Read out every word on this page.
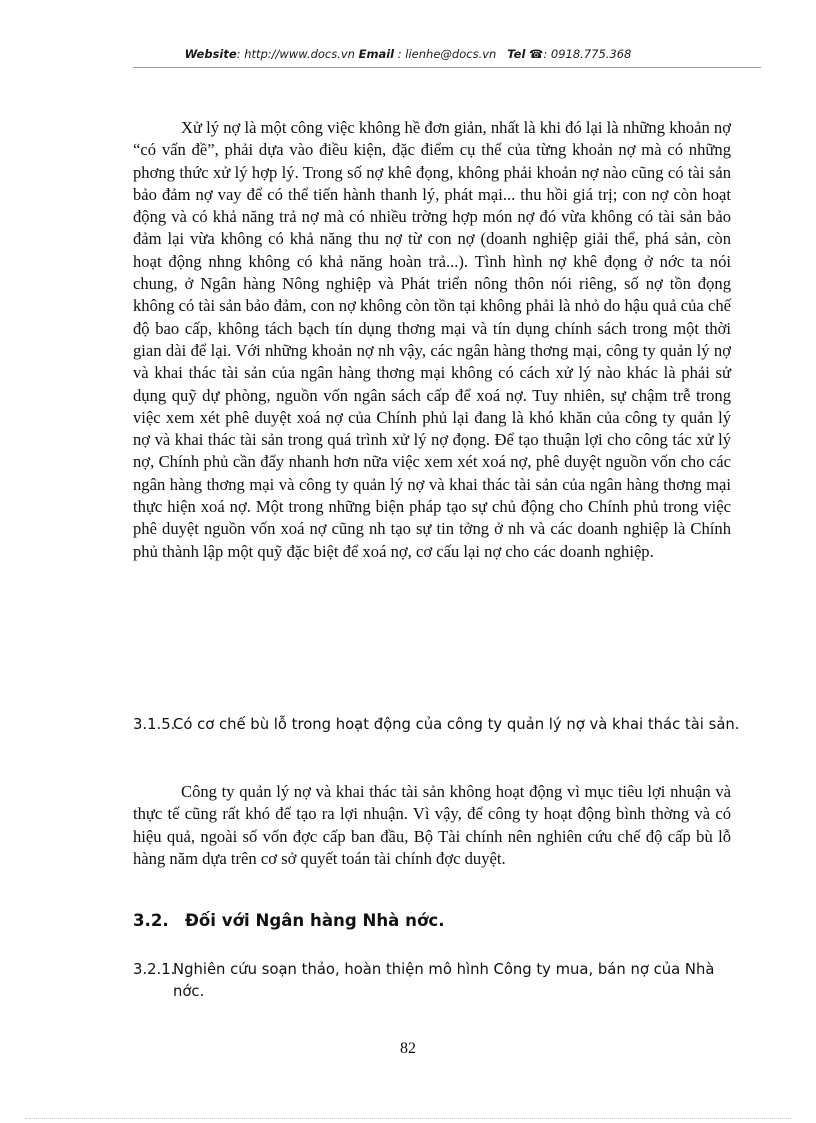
Website: http://www.docs.vn Email : lienhe@docs.vn Tel ☎: 0918.775.368

Xử lý nợ là một công việc không hề đơn giản, nhất là khi đó lại là những khoản nợ “có vấn đề”, phải dựa vào điều kiện, đặc điểm cụ thể của từng khoản nợ mà có những phơng thức xử lý hợp lý. Trong số nợ khê đọng, không phải khoản nợ nào cũng có tài sản bảo đảm nợ vay để có thể tiến hành thanh lý, phát mại... thu hồi giá trị; con nợ còn hoạt động và có khả năng trả nợ mà có nhiều trờng hợp món nợ đó vừa không có tài sản bảo đảm lại vừa không có khả năng thu nợ từ con nợ (doanh nghiệp giải thể, phá sản, còn hoạt động nhng không có khả năng hoàn trả...). Tình hình nợ khê đọng ở nớc ta nói chung, ở Ngân hàng Nông nghiệp và Phát triển nông thôn nói riêng, số nợ tồn đọng không có tài sản bảo đảm, con nợ không còn tồn tại không phải là nhỏ do hậu quả của chế độ bao cấp, không tách bạch tín dụng thơng mại và tín dụng chính sách trong một thời gian dài để lại. Với những khoản nợ nh vậy, các ngân hàng thơng mại, công ty quản lý nợ và khai thác tài sản của ngân hàng thơng mại không có cách xử lý nào khác là phải sử dụng quỹ dự phòng, nguồn vốn ngân sách cấp để xoá nợ. Tuy nhiên, sự chậm trễ trong việc xem xét phê duyệt xoá nợ của Chính phủ lại đang là khó khăn của công ty quản lý nợ và khai thác tài sản trong quá trình xử lý nợ đọng. Để tạo thuận lợi cho công tác xử lý nợ, Chính phủ cần đẩy nhanh hơn nữa việc xem xét xoá nợ, phê duyệt nguồn vốn cho các ngân hàng thơng mại và công ty quản lý nợ và khai thác tài sản của ngân hàng thơng mại thực hiện xoá nợ. Một trong những biện pháp tạo sự chủ động cho Chính phủ trong việc phê duyệt nguồn vốn xoá nợ cũng nh tạo sự tin tởng ở nh và các doanh nghiệp là Chính phủ thành lập một quỹ đặc biệt để xoá nợ, cơ cấu lại nợ cho các doanh nghiệp.

3.1.5.
Có cơ chế bù lỗ trong hoạt động của công ty quản lý nợ và khai thác tài sản.

Công ty quản lý nợ và khai thác tài sản không hoạt động vì mục tiêu lợi nhuận và thực tế cũng rất khó để tạo ra lợi nhuận. Vì vậy, để công ty hoạt động bình thờng và có hiệu quả, ngoài số vốn đợc cấp ban đầu, Bộ Tài chính nên nghiên cứu chế độ cấp bù lỗ hàng năm dựa trên cơ sở quyết toán tài chính đợc duyệt.

3.2. Đối với Ngân hàng Nhà nớc.
3.2.1.
Nghiên cứu soạn thảo, hoàn thiện mô hình Công ty mua, bán nợ của Nhà nớc.
82
